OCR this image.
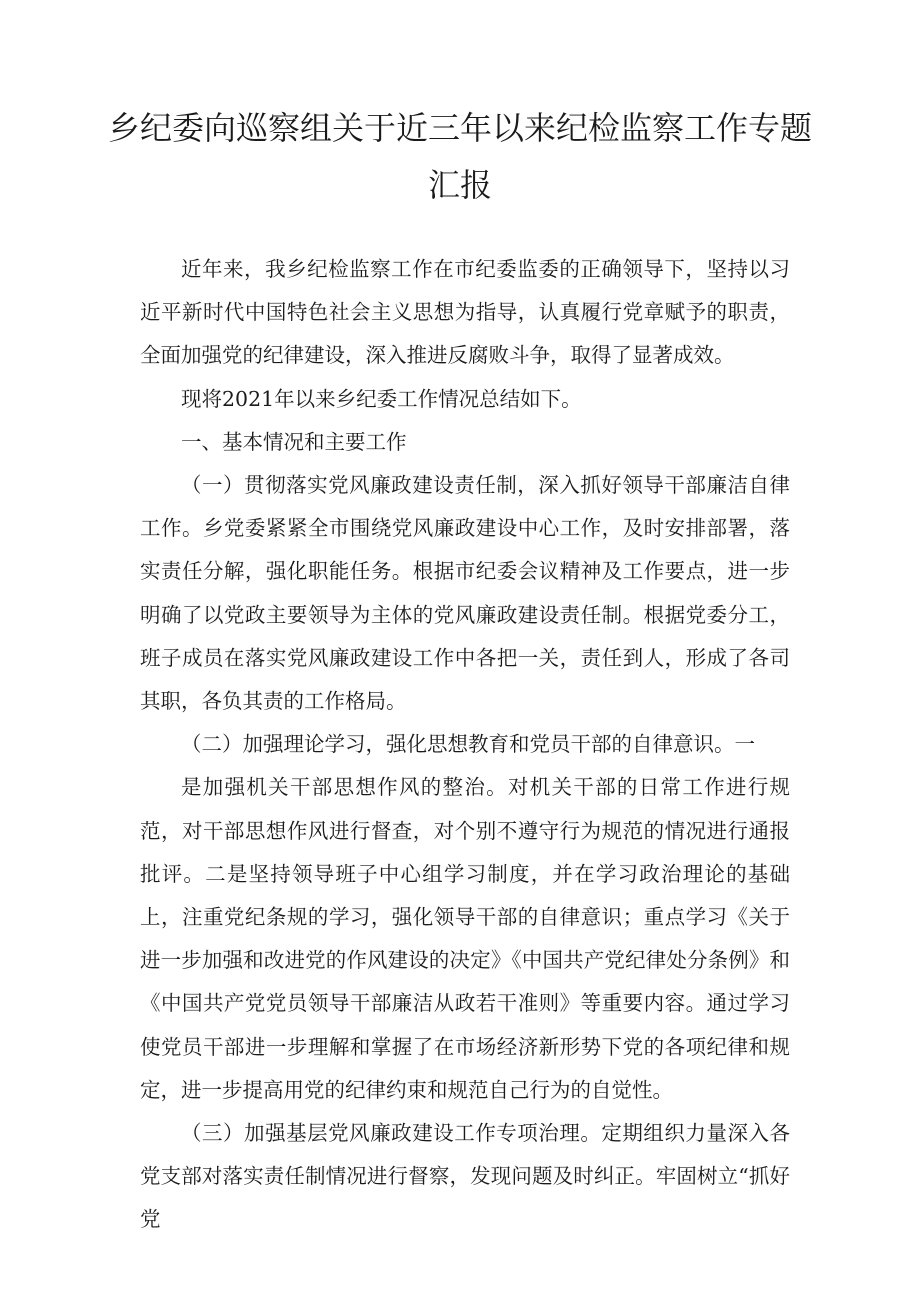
乡纪委向巡察组关于近三年以来纪检监察工作专题
汇报

近年来，我乡纪检监察工作在市纪委监委的正确领导下，坚持以习近平新时代中国特色社会主义思想为指导，认真履行党章赋予的职责，全面加强党的纪律建设，深入推进反腐败斗争，取得了显著成效。

现将2021年以来乡纪委工作情况总结如下。

一、基本情况和主要工作

（一）贯彻落实党风廉政建设责任制，深入抓好领导干部廉洁自律工作。乡党委紧紧全市围绕党风廉政建设中心工作，及时安排部署，落实责任分解，强化职能任务。根据市纪委会议精神及工作要点，进一步明确了以党政主要领导为主体的党风廉政建设责任制。根据党委分工，班子成员在落实党风廉政建设工作中各把一关，责任到人，形成了各司其职，各负其责的工作格局。

（二）加强理论学习，强化思想教育和党员干部的自律意识。一

是加强机关干部思想作风的整治。对机关干部的日常工作进行规范，对干部思想作风进行督查，对个别不遵守行为规范的情况进行通报批评。二是坚持领导班子中心组学习制度，并在学习政治理论的基础上，注重党纪条规的学习，强化领导干部的自律意识；重点学习《关于进一步加强和改进党的作风建设的决定》《中国共产党纪律处分条例》和《中国共产党党员领导干部廉洁从政若干准则》等重要内容。通过学习使党员干部进一步理解和掌握了在市场经济新形势下党的各项纪律和规定，进一步提高用党的纪律约束和规范自己行为的自觉性。

（三）加强基层党风廉政建设工作专项治理。定期组织力量深入各党支部对落实责任制情况进行督察，发现问题及时纠正。牢固树立“抓好党
